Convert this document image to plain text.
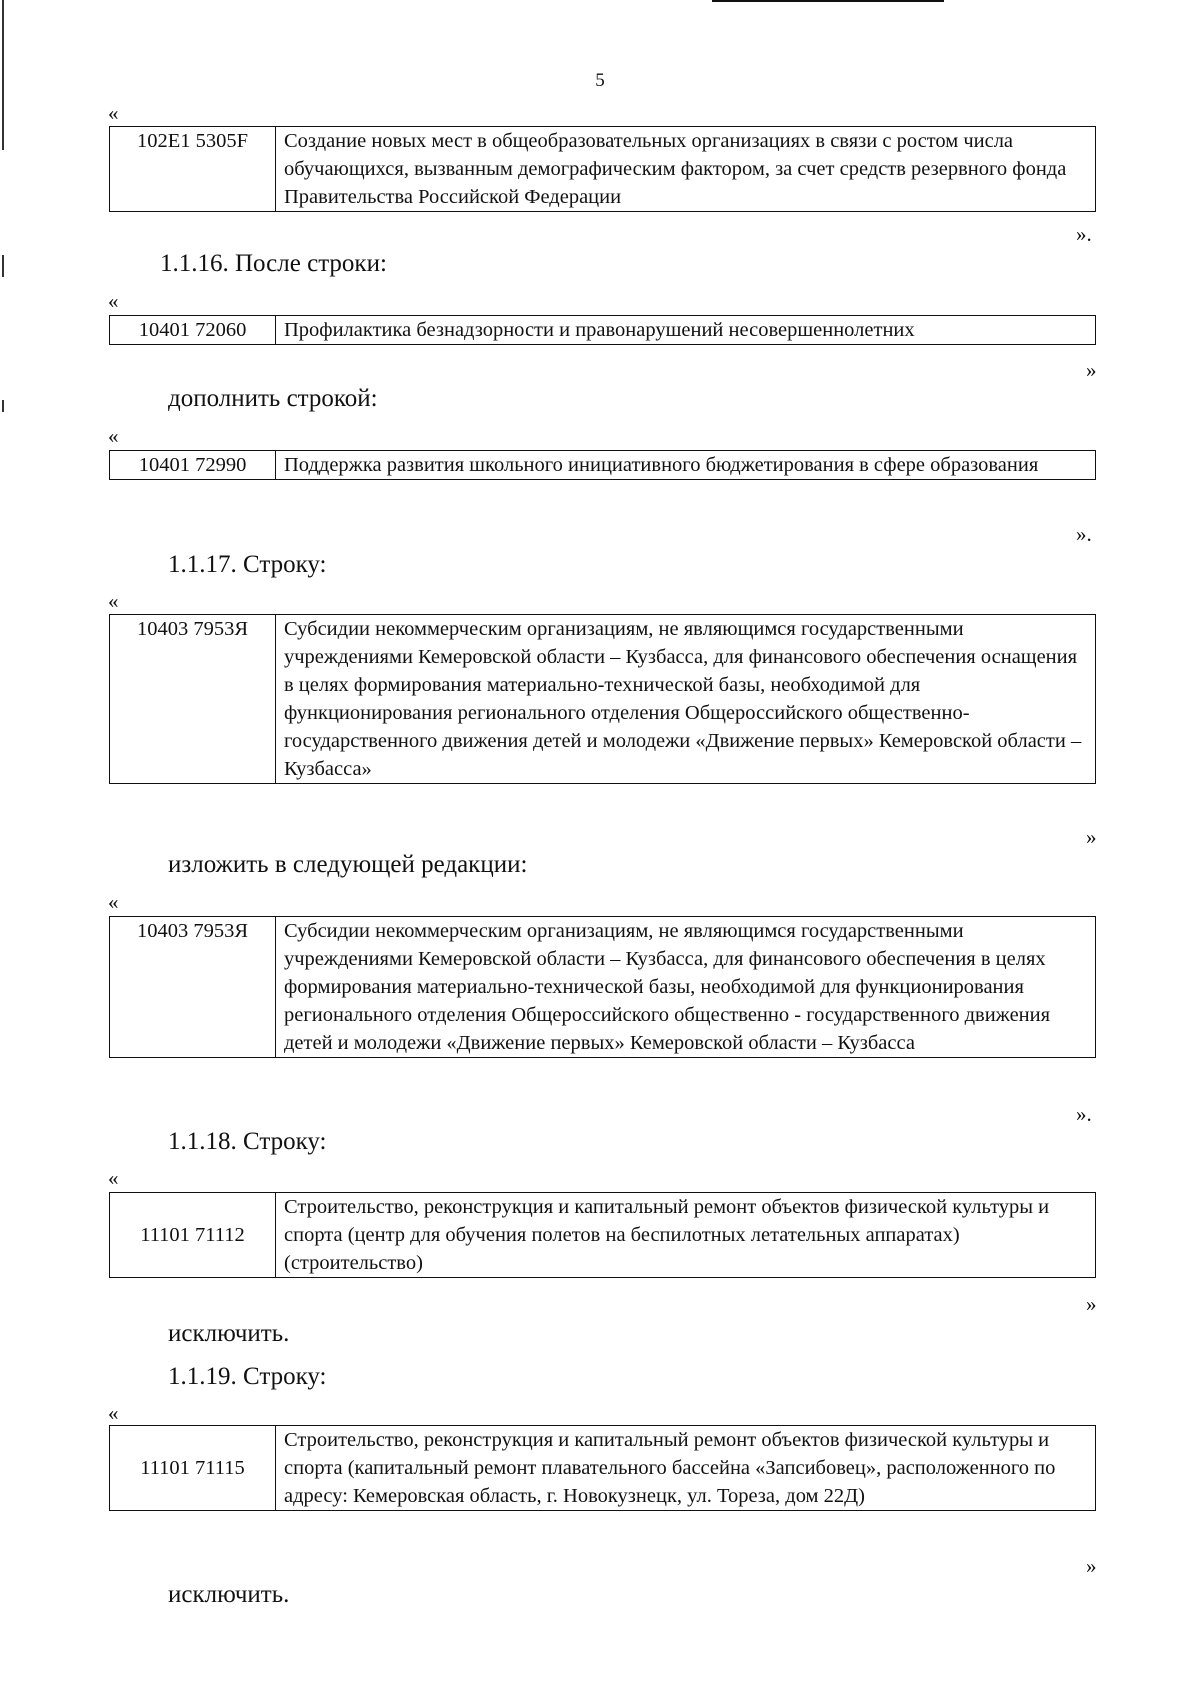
5
«
102E1 5305F	Создание новых мест в общеобразовательных организациях в связи с ростом числа обучающихся, вызванным демографическим фактором, за счет средств резервного фонда Правительства Российской Федерации
».
1.1.16. После строки:
«
10401 72060	Профилактика безнадзорности и правонарушений несовершеннолетних
»
дополнить строкой:
«
10401 72990	Поддержка развития школьного инициативного бюджетирования в сфере образования
».
1.1.17. Строку:
«
10403 7953Я	Субсидии некоммерческим организациям, не являющимся государственными учреждениями Кемеровской области – Кузбасса, для финансового обеспечения оснащения в целях формирования материально-технической базы, необходимой для функционирования регионального отделения Общероссийского общественно-государственного движения детей и молодежи «Движение первых» Кемеровской области – Кузбасса»
»
изложить в следующей редакции:
«
10403 7953Я	Субсидии некоммерческим организациям, не являющимся государственными учреждениями Кемеровской области – Кузбасса, для финансового обеспечения в целях формирования материально-технической базы, необходимой для функционирования регионального отделения Общероссийского общественно - государственного движения детей и молодежи «Движение первых» Кемеровской области – Кузбасса
».
1.1.18. Строку:
«
11101 71112	Строительство, реконструкция и капитальный ремонт объектов физической культуры и спорта (центр для обучения полетов на беспилотных летательных аппаратах) (строительство)
»
исключить.
1.1.19. Строку:
«
11101 71115	Строительство, реконструкция и капитальный ремонт объектов физической культуры и спорта (капитальный ремонт плавательного бассейна «Запсибовец», расположенного по адресу: Кемеровская область, г. Новокузнецк, ул. Тореза, дом 22Д)
»
исключить.
